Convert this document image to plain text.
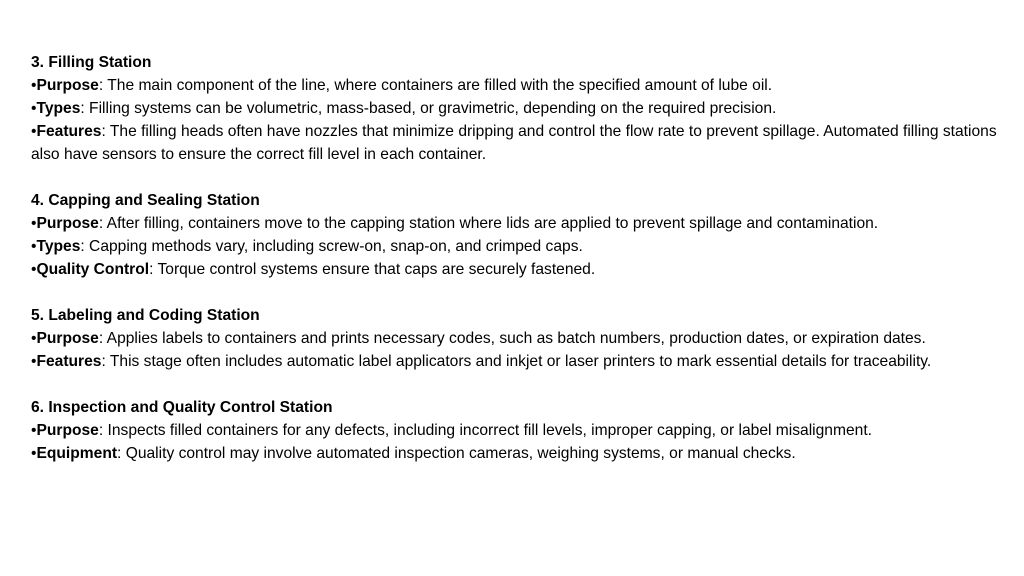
3. Filling Station
•Purpose: The main component of the line, where containers are filled with the specified amount of lube oil.
•Types: Filling systems can be volumetric, mass-based, or gravimetric, depending on the required precision.
•Features: The filling heads often have nozzles that minimize dripping and control the flow rate to prevent spillage. Automated filling stations also have sensors to ensure the correct fill level in each container.
4. Capping and Sealing Station
•Purpose: After filling, containers move to the capping station where lids are applied to prevent spillage and contamination.
•Types: Capping methods vary, including screw-on, snap-on, and crimped caps.
•Quality Control: Torque control systems ensure that caps are securely fastened.
5. Labeling and Coding Station
•Purpose: Applies labels to containers and prints necessary codes, such as batch numbers, production dates, or expiration dates.
•Features: This stage often includes automatic label applicators and inkjet or laser printers to mark essential details for traceability.
6. Inspection and Quality Control Station
•Purpose: Inspects filled containers for any defects, including incorrect fill levels, improper capping, or label misalignment.
•Equipment: Quality control may involve automated inspection cameras, weighing systems, or manual checks.
